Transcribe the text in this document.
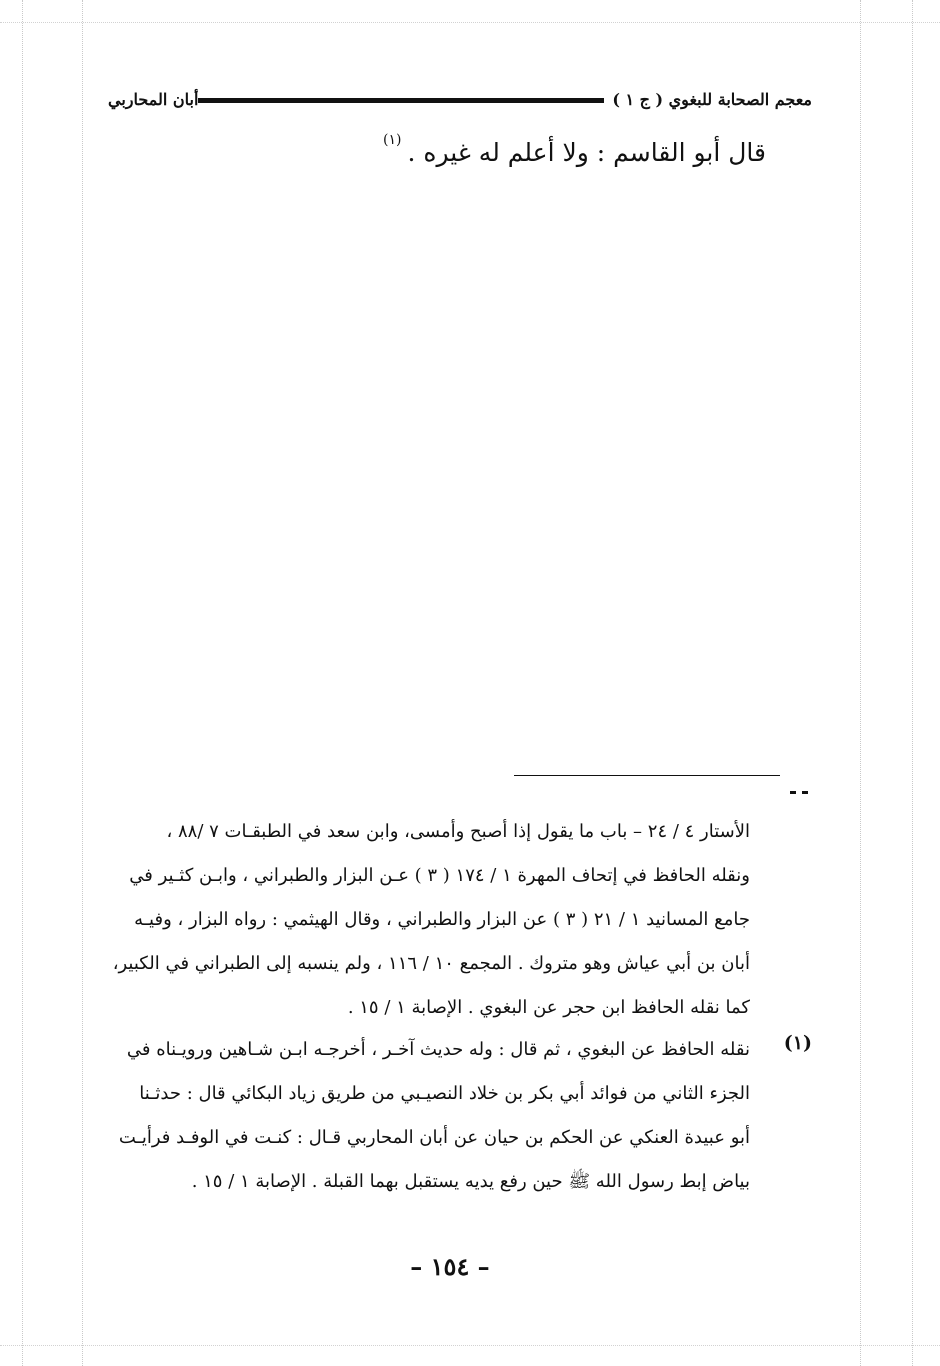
معجم الصحابة للبغوي ( ج ١ )
أبان المحاربي
قال أبو القاسم : ولا أعلم له غيره .$^{(١)}$
الأستار ٤ / ٢٤ – باب ما يقول إذا أصبح وأمسى، وابن سعد في الطبقـات ٧ /٨٨ ،
ونقله الحافظ في إتحاف المهرة ١ / ١٧٤ ( ٣ ) عـن البزار والطبراني ، وابـن كثـير في
جامع المسانيد ١ / ٢١ ( ٣ ) عن البزار والطبراني ، وقال الهيثمي : رواه البزار ، وفيـه
أبان بن أبي عياش وهو متروك . المجمع ١٠ / ١١٦ ، ولم ينسبه إلى الطبراني في الكبير،
كما نقله الحافظ ابن حجر عن البغوي . الإصابة ١ / ١٥ .
(١)
نقله الحافظ عن البغوي ، ثم قال : وله حديث آخـر ، أخرجـه ابـن شـاهين ورويـناه في
الجزء الثاني من فوائد أبي بكر بن خلاد النصيـبي من طريق زياد البكائي قال : حدثـنا
أبو عبيدة العنكي عن الحكم بن حيان عن أبان المحاربي قـال : كنـت في الوفـد فرأيـت
بياض إبط رسول الله ﷺ حين رفع يديه يستقبل بهما القبلة . الإصابة ١ / ١٥ .
– ١٥٤ –
